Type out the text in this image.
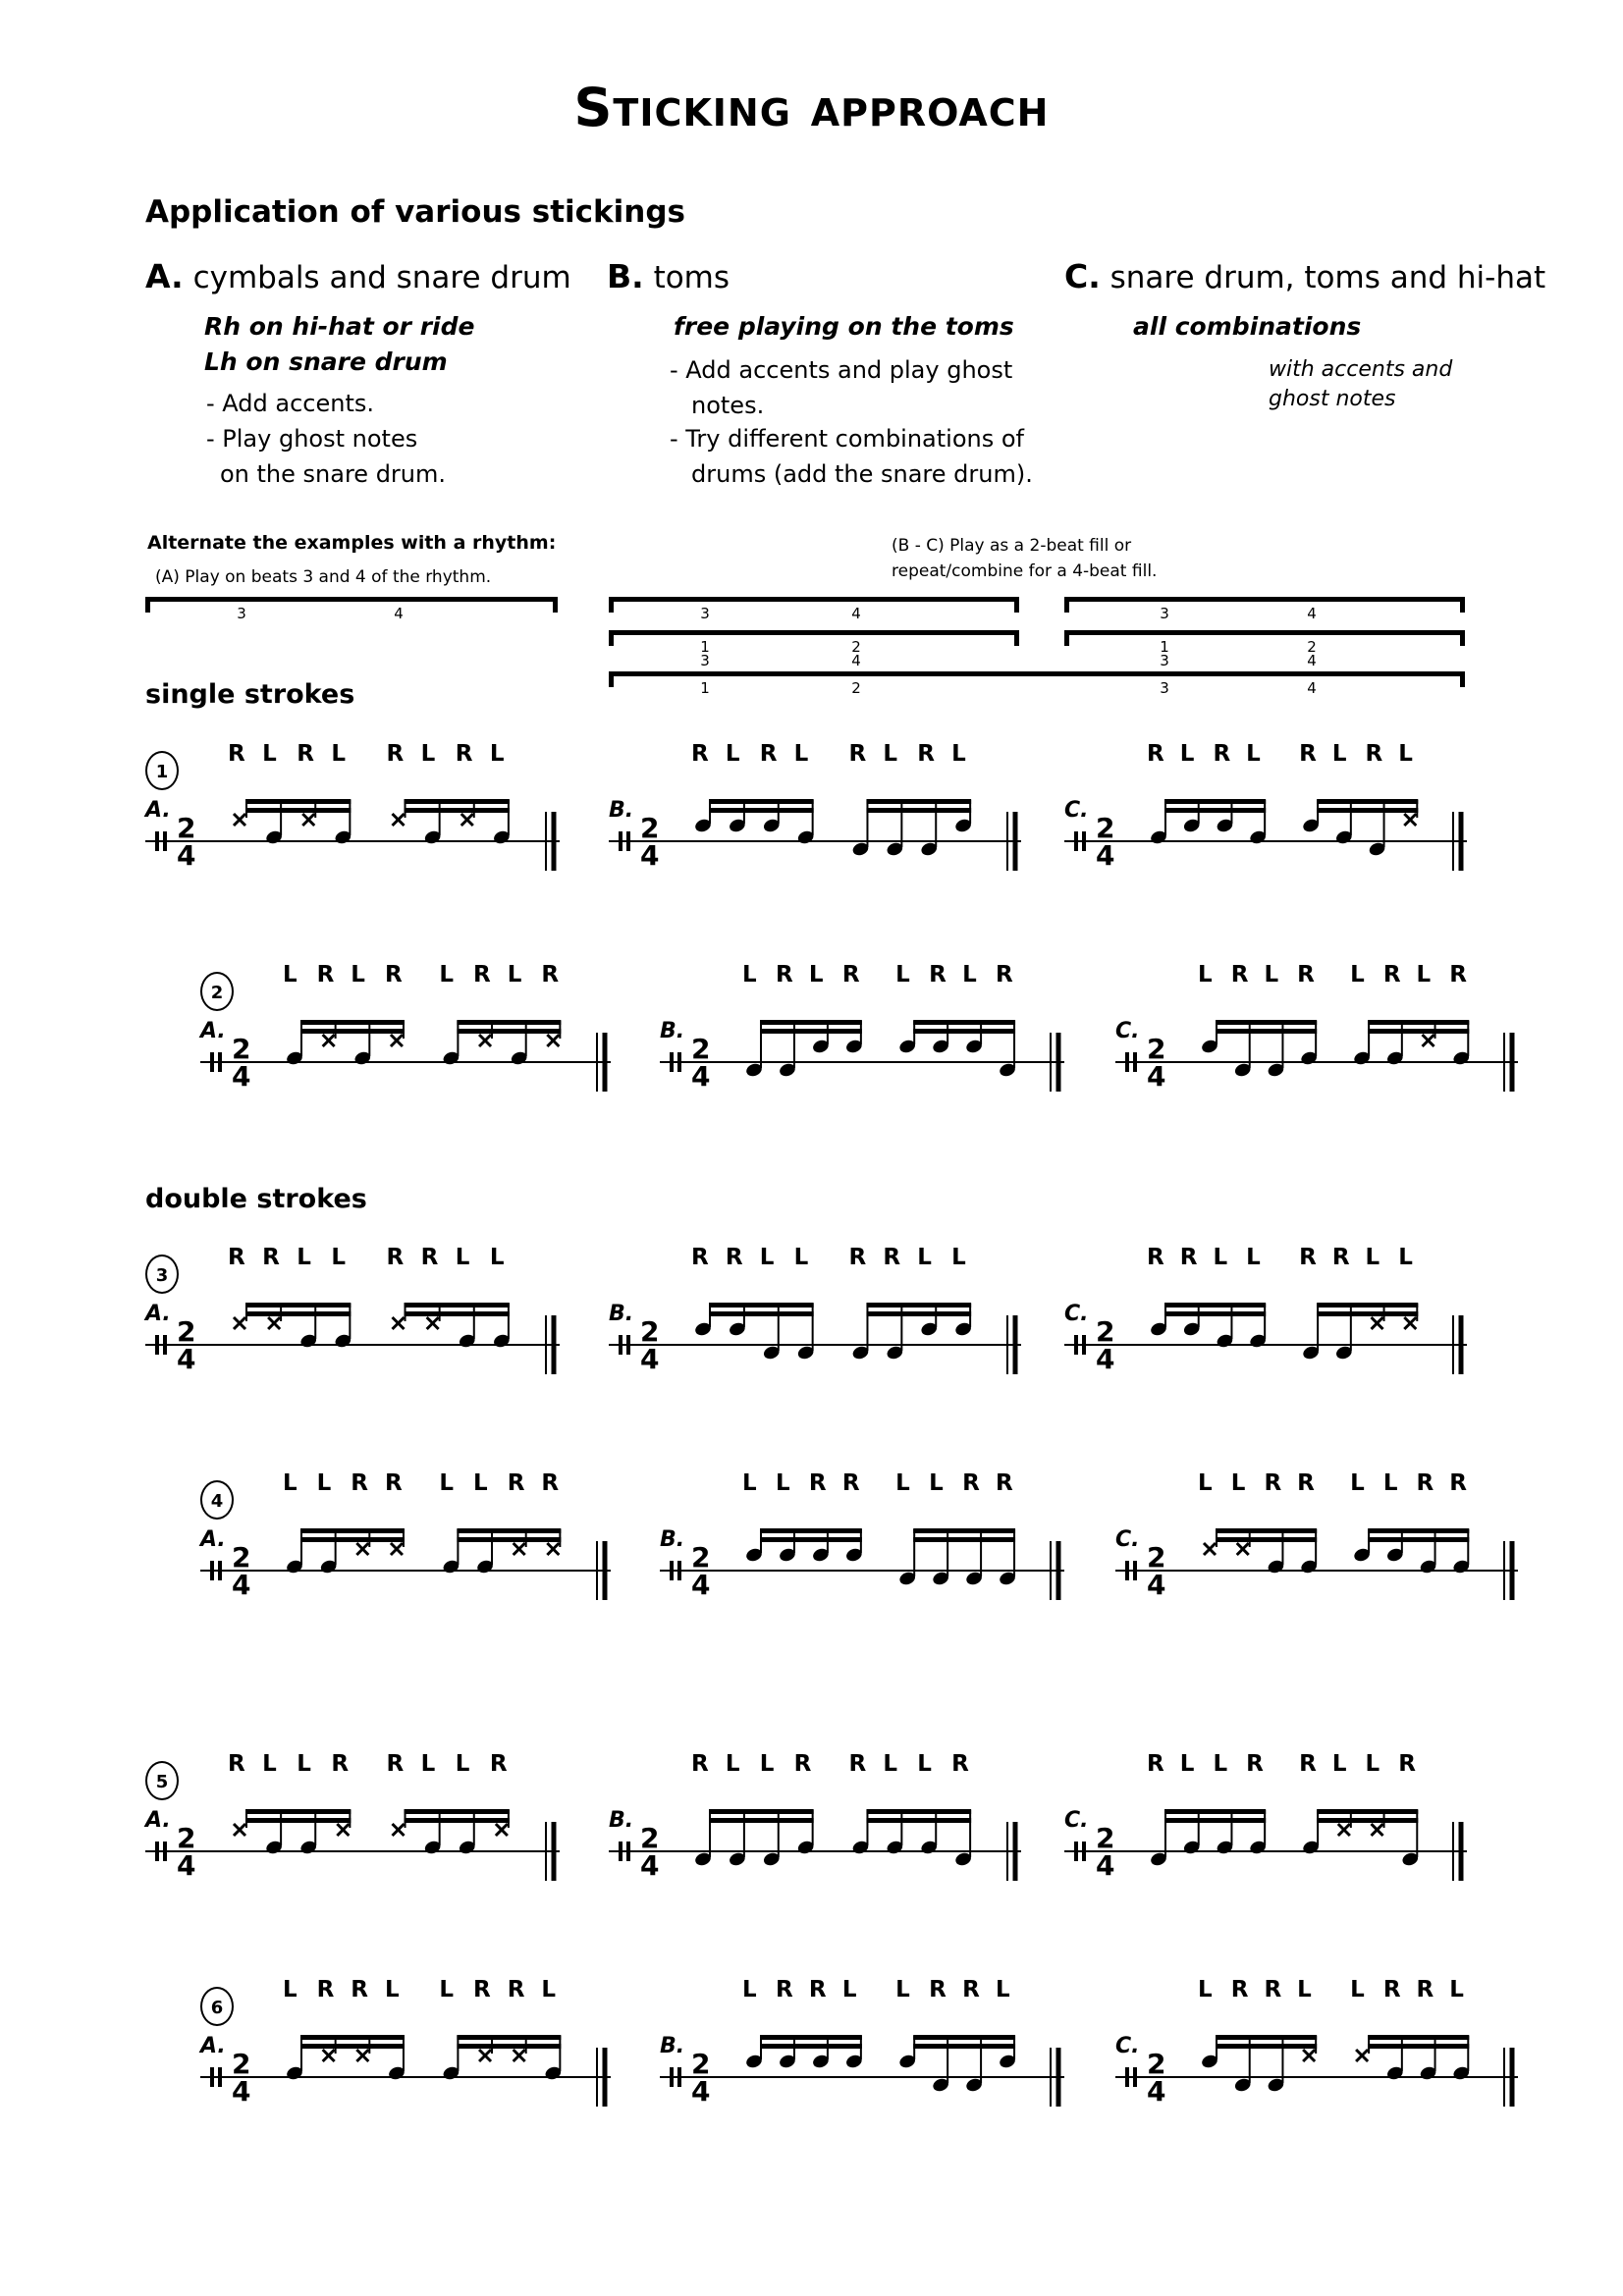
Sticking approach
Application of various stickings
A. cymbals and snare drum
Rh on hi-hat or ride
Lh on snare drum
- Add accents.
- Play ghost notes
on the snare drum.
B. toms
free playing on the toms
- Add accents and play ghost
notes.
- Try different combinations of
drums (add the snare drum).
C. snare drum, toms and hi-hat
all combinations
with accents and
ghost notes
Alternate the examples with a rhythm:
(A) Play on beats 3 and 4 of the rhythm.
(B - C) Play as a 2-beat fill or
repeat/combine for a 4-beat fill.
3	4	3	4	3	4
1
3
2
4
1
3
2
4
1	2	3	4
single strokes
double strokes
1
A.
R L R L R L R L
2
4
B.
R L R L R L R L
2
4
C.
R L R L R L R L
2
4
2
A.
L R L R L R L R
2
4
B.
L R L R L R L R
2
4
C.
L R L R L R L R
2
4
3
A.
R R L L R R L L
2
4
B.
R R L L R R L L
2
4
C.
R R L L R R L L
2
4
4
A.
L L R R L L R R
2
4
B.
L L R R L L R R
2
4
C.
L L R R L L R R
2
4
5
A.
R L L R R L L R
2
4
B.
R L L R R L L R
2
4
C.
R L L R R L L R
2
4
6
A.
L R R L L R R L
2
4
B.
L R R L L R R L
2
4
C.
L R R L L R R L
2
4
